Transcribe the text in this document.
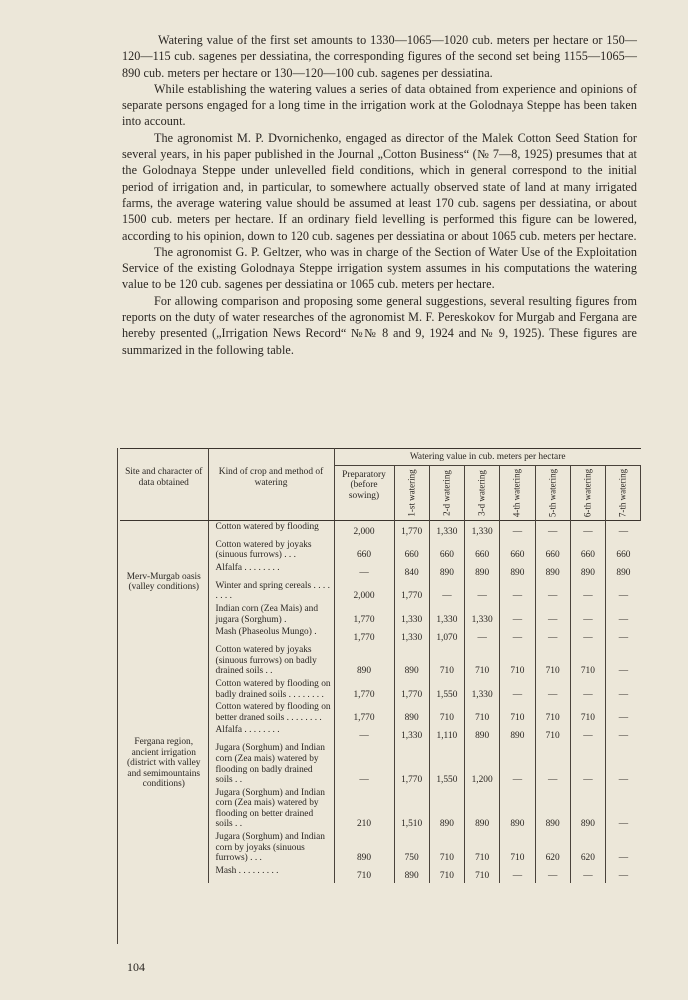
Watering value of the first set amounts to 1330—1065—1020 cub. meters per hectare or 150—120—115 cub. sagenes per dessiatina, the corresponding figures of the second set being 1155—1065—890 cub. meters per hectare or 130—120—100 cub. sagenes per dessiatina.

While establishing the watering values a series of data obtained from experience and opinions of separate persons engaged for a long time in the irrigation work at the Golodnaya Steppe has been taken into account.

The agronomist M. P. Dvornichenko, engaged as director of the Malek Cotton Seed Station for several years, in his paper published in the Journal „Cotton Business“ (№ 7—8, 1925) presumes that at the Golodnaya Steppe under unlevelled field conditions, which in general correspond to the initial period of irrigation and, in particular, to somewhere actually observed state of land at many irrigated farms, the average watering value should be assumed at least 170 cub. sagens per dessiatina, or about 1500 cub. meters per hectare. If an ordinary field levelling is performed this figure can be lowered, according to his opinion, down to 120 cub. sagenes per dessiatina or about 1065 cub. meters per hectare.

The agronomist G. P. Geltzer, who was in charge of the Section of Water Use of the Exploitation Service of the existing Golodnaya Steppe irrigation system assumes in his computations the watering value to be 120 cub. sagenes per dessiatina or 1065 cub. meters per hectare.

For allowing comparison and proposing some general suggestions, several resulting figures from reports on the duty of water researches of the agronomist M. F. Pereskokov for Murgab and Fergana are hereby presented („Irrigation News Record“ №№ 8 and 9, 1924 and № 9, 1925). These figures are summarized in the following table.

Site and character of data obtained	Kind of crop and method of watering	Watering value in cub. meters per hectare							
		Preparatory (before sowing)	1-st watering	2-d watering	3-d watering	4-th watering	5-th watering	6-th watering	7-th watering

Merv-Murgab oasis (valley conditions)	Cotton watered by flooding	2,000	1,770	1,330	1,330	—	—	—	—
	Cotton watered by joyaks (sinuous furrows) . . .	660	660	660	660	660	660	660	660
	Alfalfa . . . . . . . .	—	840	890	890	890	890	890	890
	Winter and spring cereals . . . . . . . .	2,000	1,770	—	—	—	—	—	—
	Indian corn (Zea Mais) and jugara (Sorghum) .	1,770	1,330	1,330	1,330	—	—	—	—
	Mash (Phaseolus Mungo) .	1,770	1,330	1,070	—	—	—	—	—
Fergana region, ancient irrigation (district with valley and semimountains conditions)	Cotton watered by joyaks (sinuous furrows) on badly drained soils . .	890	890	710	710	710	710	710	—
	Cotton watered by flooding on badly drained soils . . . . . . . .	1,770	1,770	1,550	1,330	—	—	—	—
	Cotton watered by flooding on better draned soils . . . . . . . .	1,770	890	710	710	710	710	710	—
	Alfalfa . . . . . . . .	—	1,330	1,110	890	890	710	—	—
	Jugara (Sorghum) and Indian corn (Zea mais) watered by flooding on badly drained soils . .	—	1,770	1,550	1,200	—	—	—	—
	Jugara (Sorghum) and Indian corn (Zea mais) watered by flooding on better drained soils . .	210	1,510	890	890	890	890	890	—
	Jugara (Sorghum) and Indian corn by joyaks (sinuous furrows) . . .	890	750	710	710	710	620	620	—
	Mash . . . . . . . . .	710	890	710	710	—	—	—	—
104
